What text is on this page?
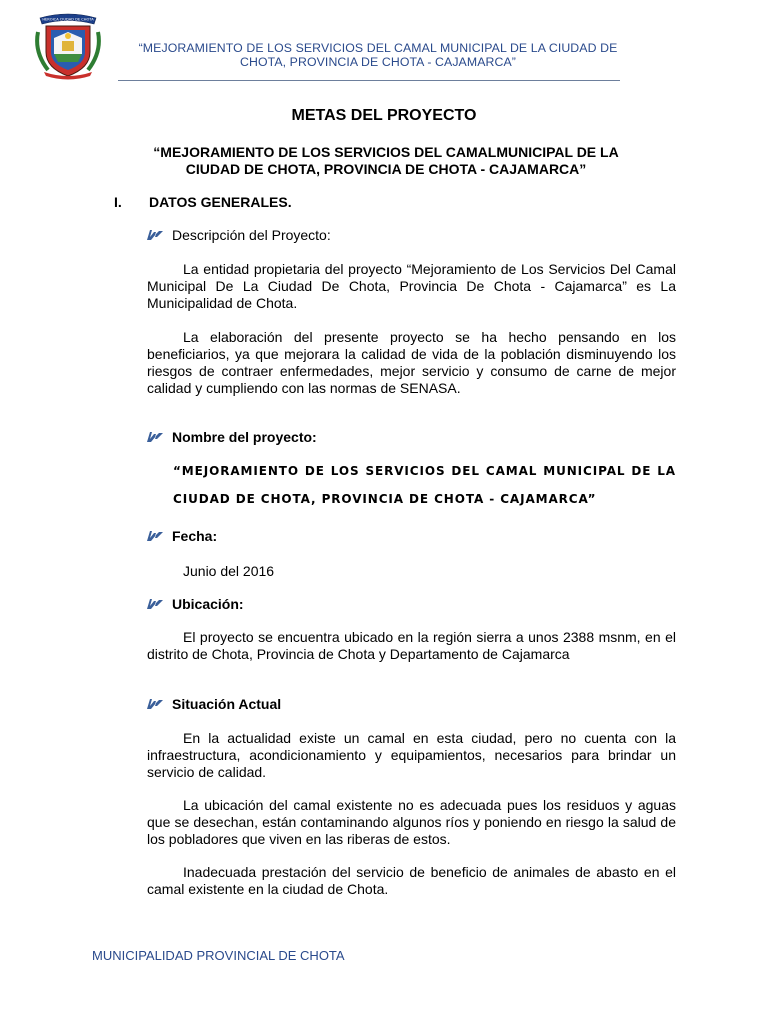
HEROICA CIUDAD DE CHOTA
“MEJORAMIENTO DE LOS SERVICIOS DEL CAMAL MUNICIPAL DE LA CIUDAD DE
CHOTA, PROVINCIA DE CHOTA - CAJAMARCA”
METAS DEL PROYECTO
“MEJORAMIENTO DE LOS SERVICIOS DEL CAMALMUNICIPAL DE LA
CIUDAD DE CHOTA, PROVINCIA DE CHOTA - CAJAMARCA”
I. DATOS GENERALES.
Descripción del Proyecto:
La entidad propietaria del proyecto “Mejoramiento de Los Servicios Del Camal Municipal De La Ciudad De Chota, Provincia De Chota - Cajamarca” es La Municipalidad de Chota.
La elaboración del presente proyecto se ha hecho pensando en los beneficiarios, ya que mejorara la calidad de vida de la población disminuyendo los riesgos de contraer enfermedades, mejor servicio y consumo de carne de mejor calidad y cumpliendo con las normas de SENASA.
Nombre del proyecto:
“MEJORAMIENTO DE LOS SERVICIOS DEL CAMAL MUNICIPAL DE LA CIUDAD DE CHOTA, PROVINCIA DE CHOTA - CAJAMARCA”
Fecha:
Junio del 2016
Ubicación:
El proyecto se encuentra ubicado en la región sierra a unos 2388 msnm, en el distrito de Chota, Provincia de Chota y Departamento de Cajamarca
Situación Actual
En la actualidad existe un camal en esta ciudad, pero no cuenta con la infraestructura, acondicionamiento y equipamientos, necesarios para brindar un servicio de calidad.
La ubicación del camal existente no es adecuada pues los residuos y aguas que se desechan, están contaminando algunos ríos y poniendo en riesgo la salud de los pobladores que viven en las riberas de estos.
Inadecuada prestación del servicio de beneficio de animales de abasto en el camal existente en la ciudad de Chota.
MUNICIPALIDAD PROVINCIAL DE CHOTA
